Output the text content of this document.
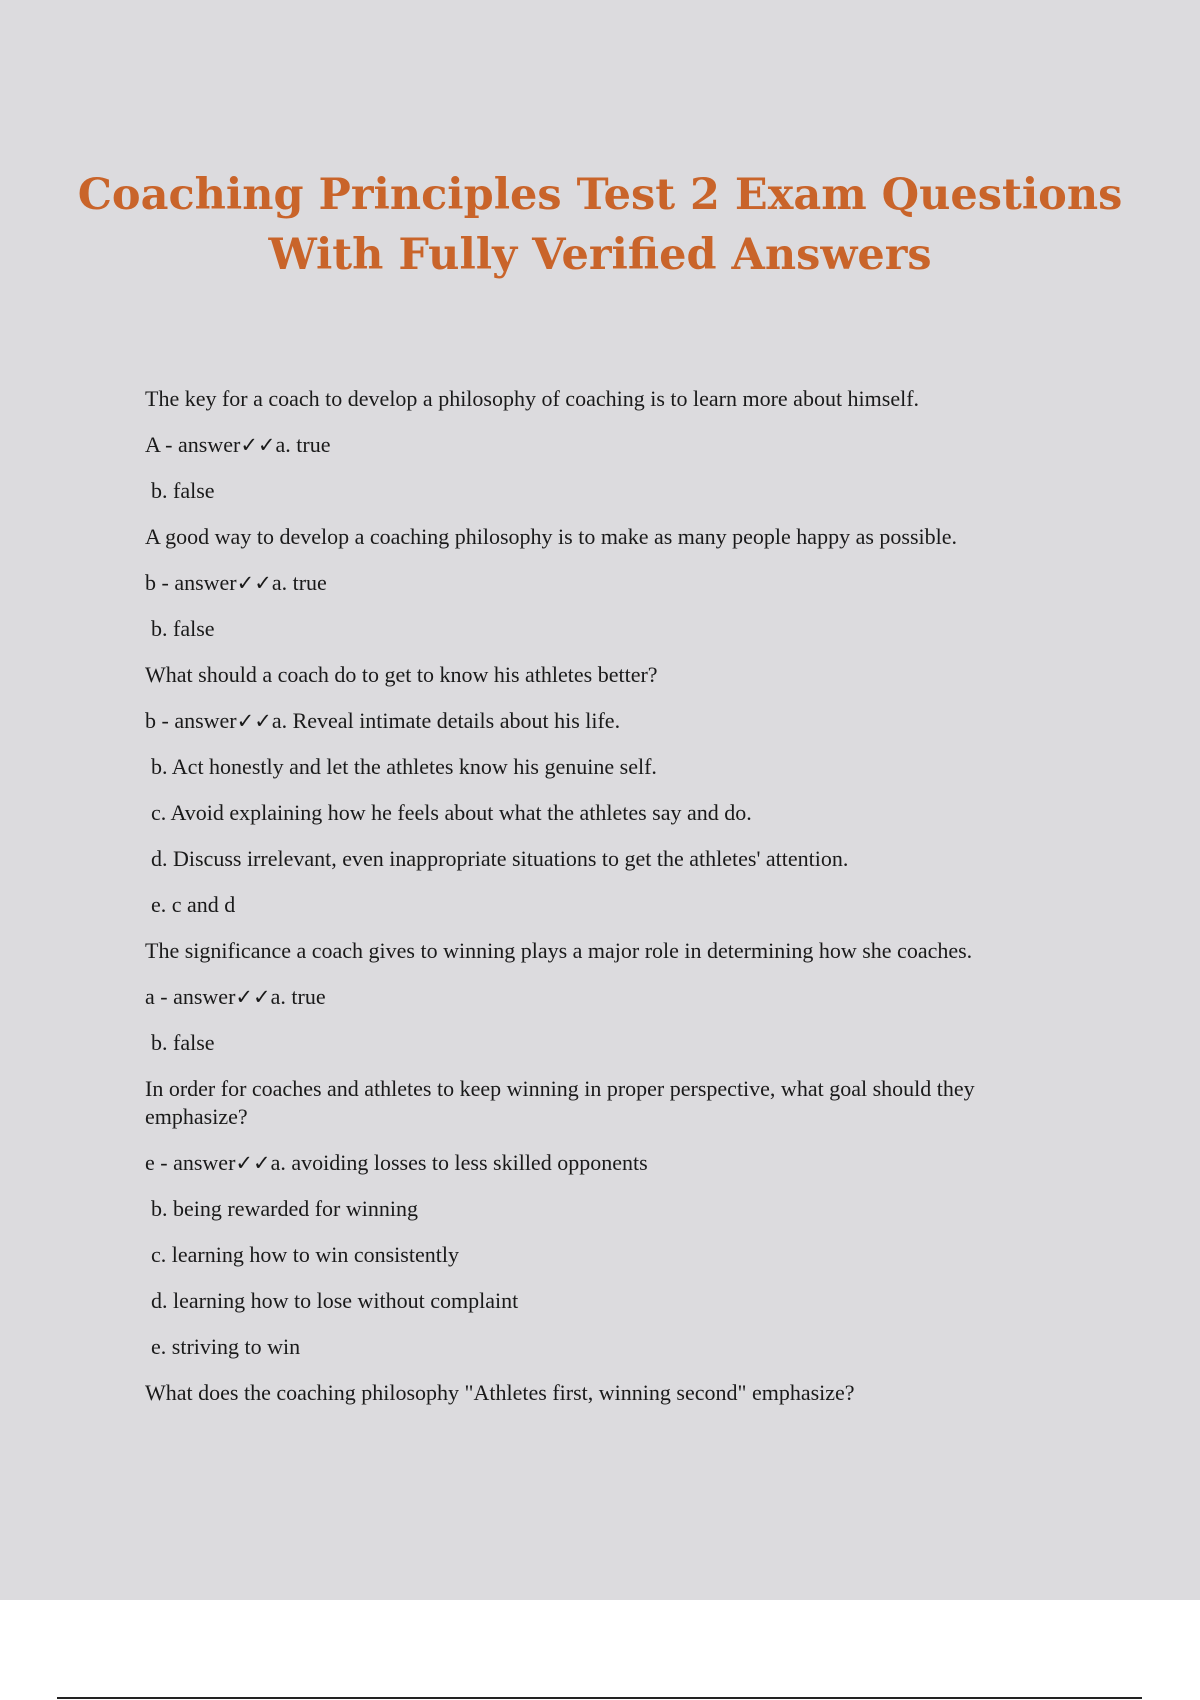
Coaching Principles Test 2 Exam Questions
With Fully Verified Answers

The key for a coach to develop a philosophy of coaching is to learn more about himself.

A - answer✓✓a. true

b. false

A good way to develop a coaching philosophy is to make as many people happy as possible.

b - answer✓✓a. true

b. false

What should a coach do to get to know his athletes better?

b - answer✓✓a. Reveal intimate details about his life.

b. Act honestly and let the athletes know his genuine self.

c. Avoid explaining how he feels about what the athletes say and do.

d. Discuss irrelevant, even inappropriate situations to get the athletes' attention.

e. c and d

The significance a coach gives to winning plays a major role in determining how she coaches.

a - answer✓✓a. true

b. false

In order for coaches and athletes to keep winning in proper perspective, what goal should they emphasize?

e - answer✓✓a. avoiding losses to less skilled opponents

b. being rewarded for winning

c. learning how to win consistently

d. learning how to lose without complaint

e. striving to win

What does the coaching philosophy "Athletes first, winning second" emphasize?
